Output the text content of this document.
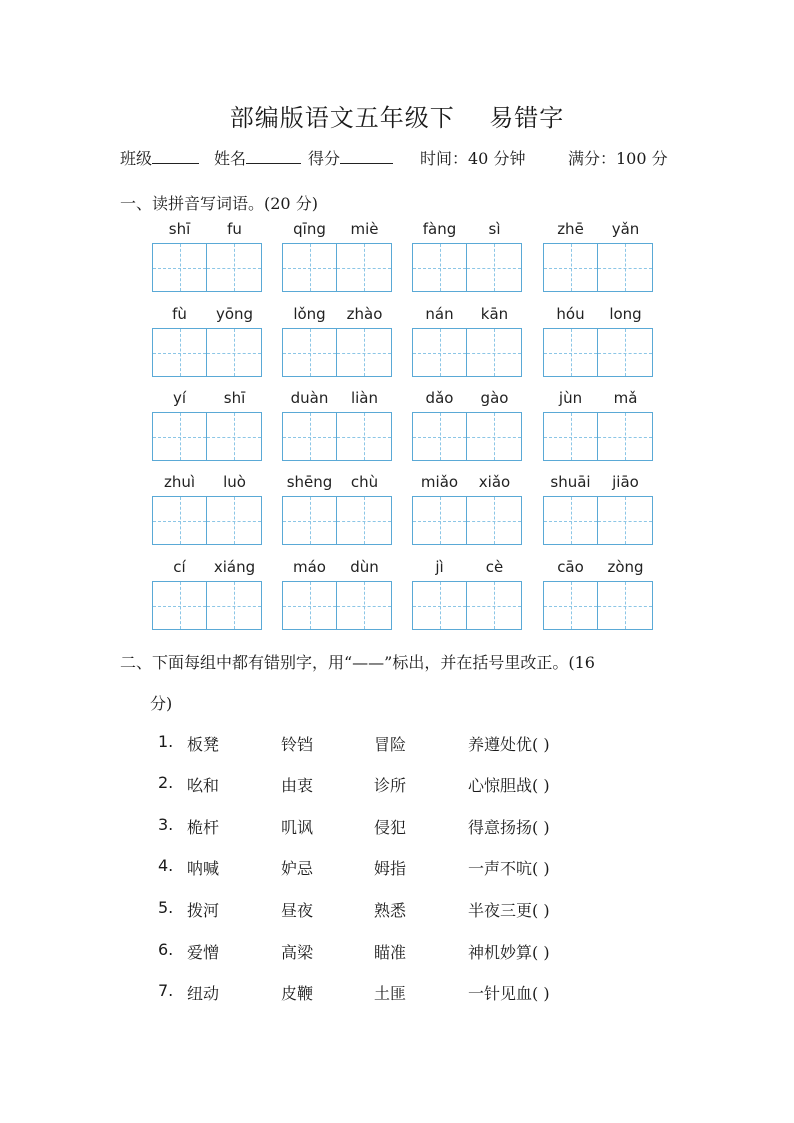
部编版语文五年级下    易错字
班级	姓名	得分	时间：40 分钟	满分：100 分
一、读拼音写词语。(20 分)
shī	fu	qīng	miè	fàng	sì	zhē	yǎn
fù	yōng	lǒng	zhào	nán	kān	hóu	long
yí	shī	duàn	liàn	dǎo	gào	jùn	mǎ
zhuì	luò	shēng	chù	miǎo	xiǎo	shuāi	jiāo
cí	xiáng	máo	dùn	jì	cè	cāo	zòng
二、下面每组中都有错别字，用“——”标出，并在括号里改正。(16
分)
1. 板凳	铃铛	冒险	养遵处优( )
2. 吆和	由衷	诊所	心惊胆战( )
3. 桅杆	叽讽	侵犯	得意扬扬( )
4. 呐喊	妒忌	姆指	一声不吭( )
5. 拨河	昼夜	熟悉	半夜三更( )
6. 爱憎	高梁	瞄准	神机妙算( )
7. 纽动	皮鞭	土匪	一针见血( )
